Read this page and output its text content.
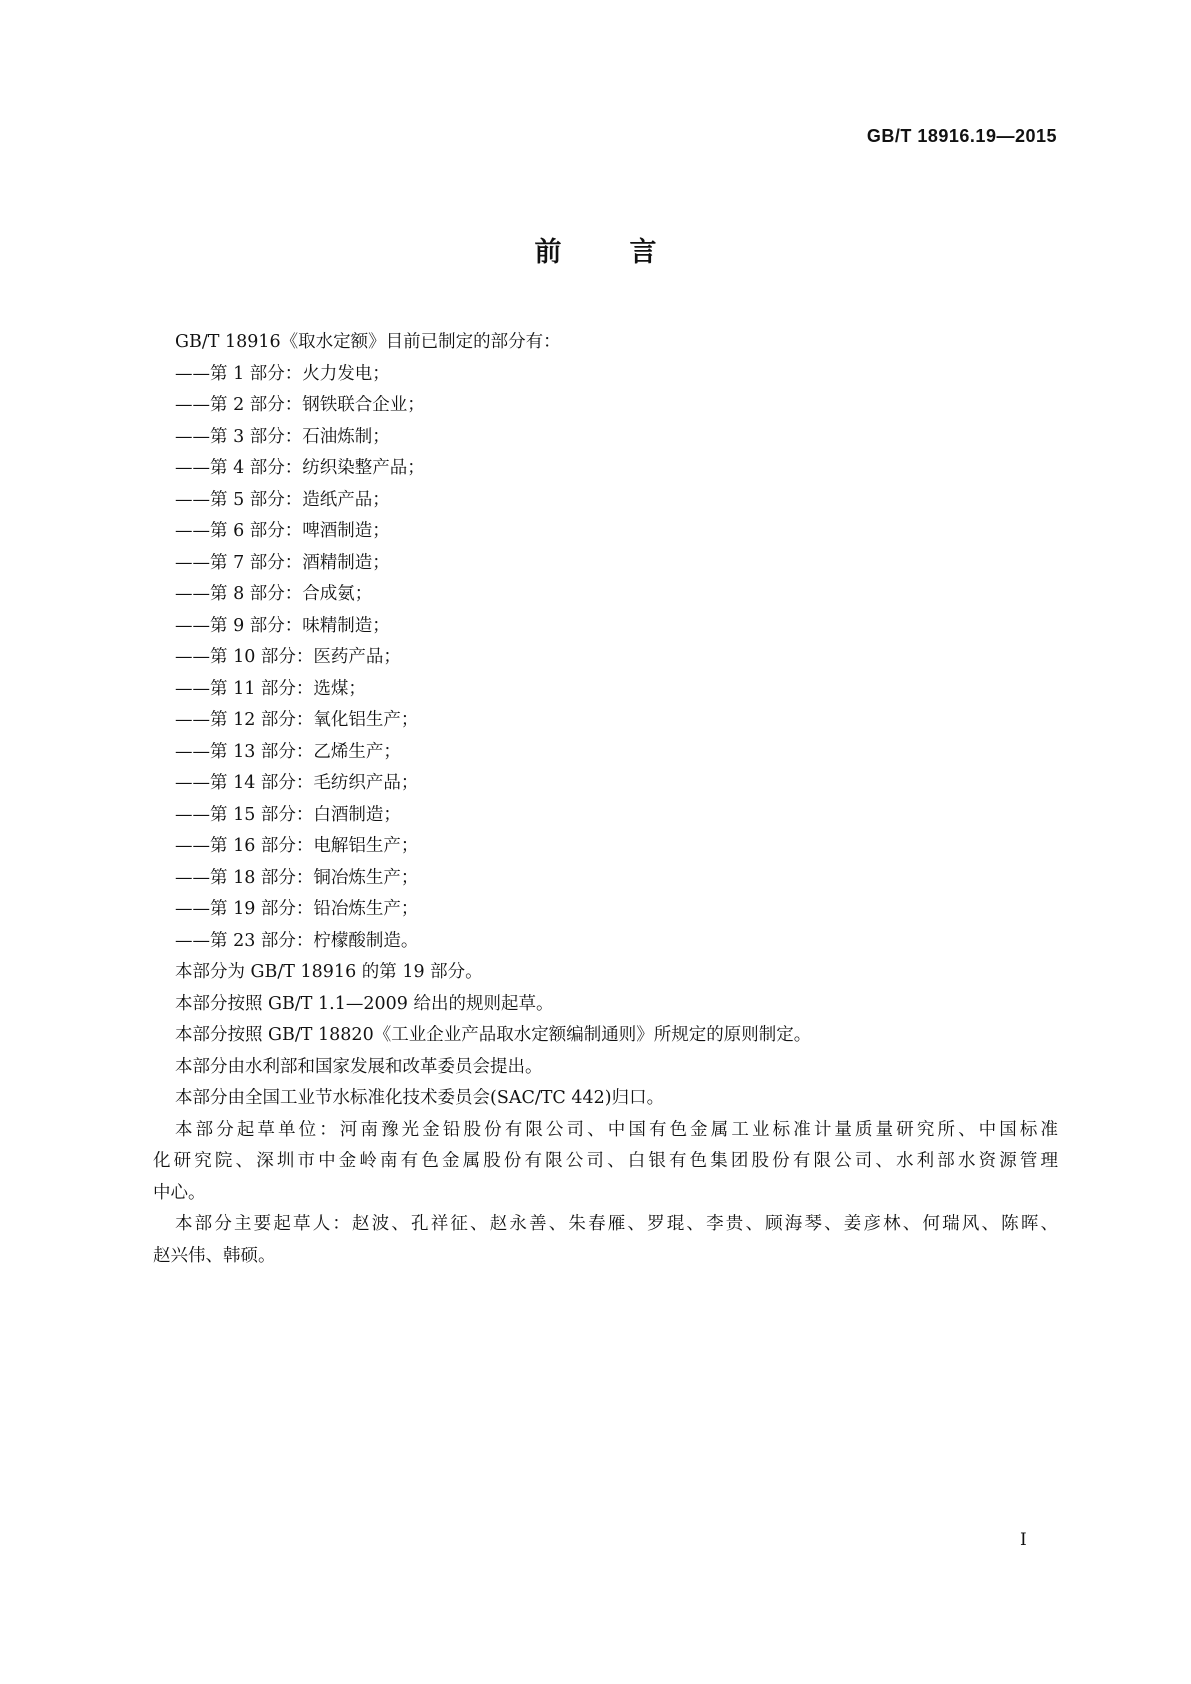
GB/T 18916.19—2015
前	言
GB/T 18916《取水定额》目前已制定的部分有：
——第 1 部分：火力发电；
——第 2 部分：钢铁联合企业；
——第 3 部分：石油炼制；
——第 4 部分：纺织染整产品；
——第 5 部分：造纸产品；
——第 6 部分：啤酒制造；
——第 7 部分：酒精制造；
——第 8 部分：合成氨；
——第 9 部分：味精制造；
——第 10 部分：医药产品；
——第 11 部分：选煤；
——第 12 部分：氧化铝生产；
——第 13 部分：乙烯生产；
——第 14 部分：毛纺织产品；
——第 15 部分：白酒制造；
——第 16 部分：电解铝生产；
——第 18 部分：铜冶炼生产；
——第 19 部分：铅冶炼生产；
——第 23 部分：柠檬酸制造。
本部分为 GB/T 18916 的第 19 部分。
本部分按照 GB/T 1.1—2009 给出的规则起草。
本部分按照 GB/T 18820《工业企业产品取水定额编制通则》所规定的原则制定。
本部分由水利部和国家发展和改革委员会提出。
本部分由全国工业节水标准化技术委员会(SAC/TC 442)归口。
本部分起草单位：河南豫光金铅股份有限公司、中国有色金属工业标准计量质量研究所、中国标准
化研究院、深圳市中金岭南有色金属股份有限公司、白银有色集团股份有限公司、水利部水资源管理
中心。
本部分主要起草人：赵波、孔祥征、赵永善、朱春雁、罗琨、李贵、顾海琴、姜彦林、何瑞风、陈晖、
赵兴伟、韩硕。
I
